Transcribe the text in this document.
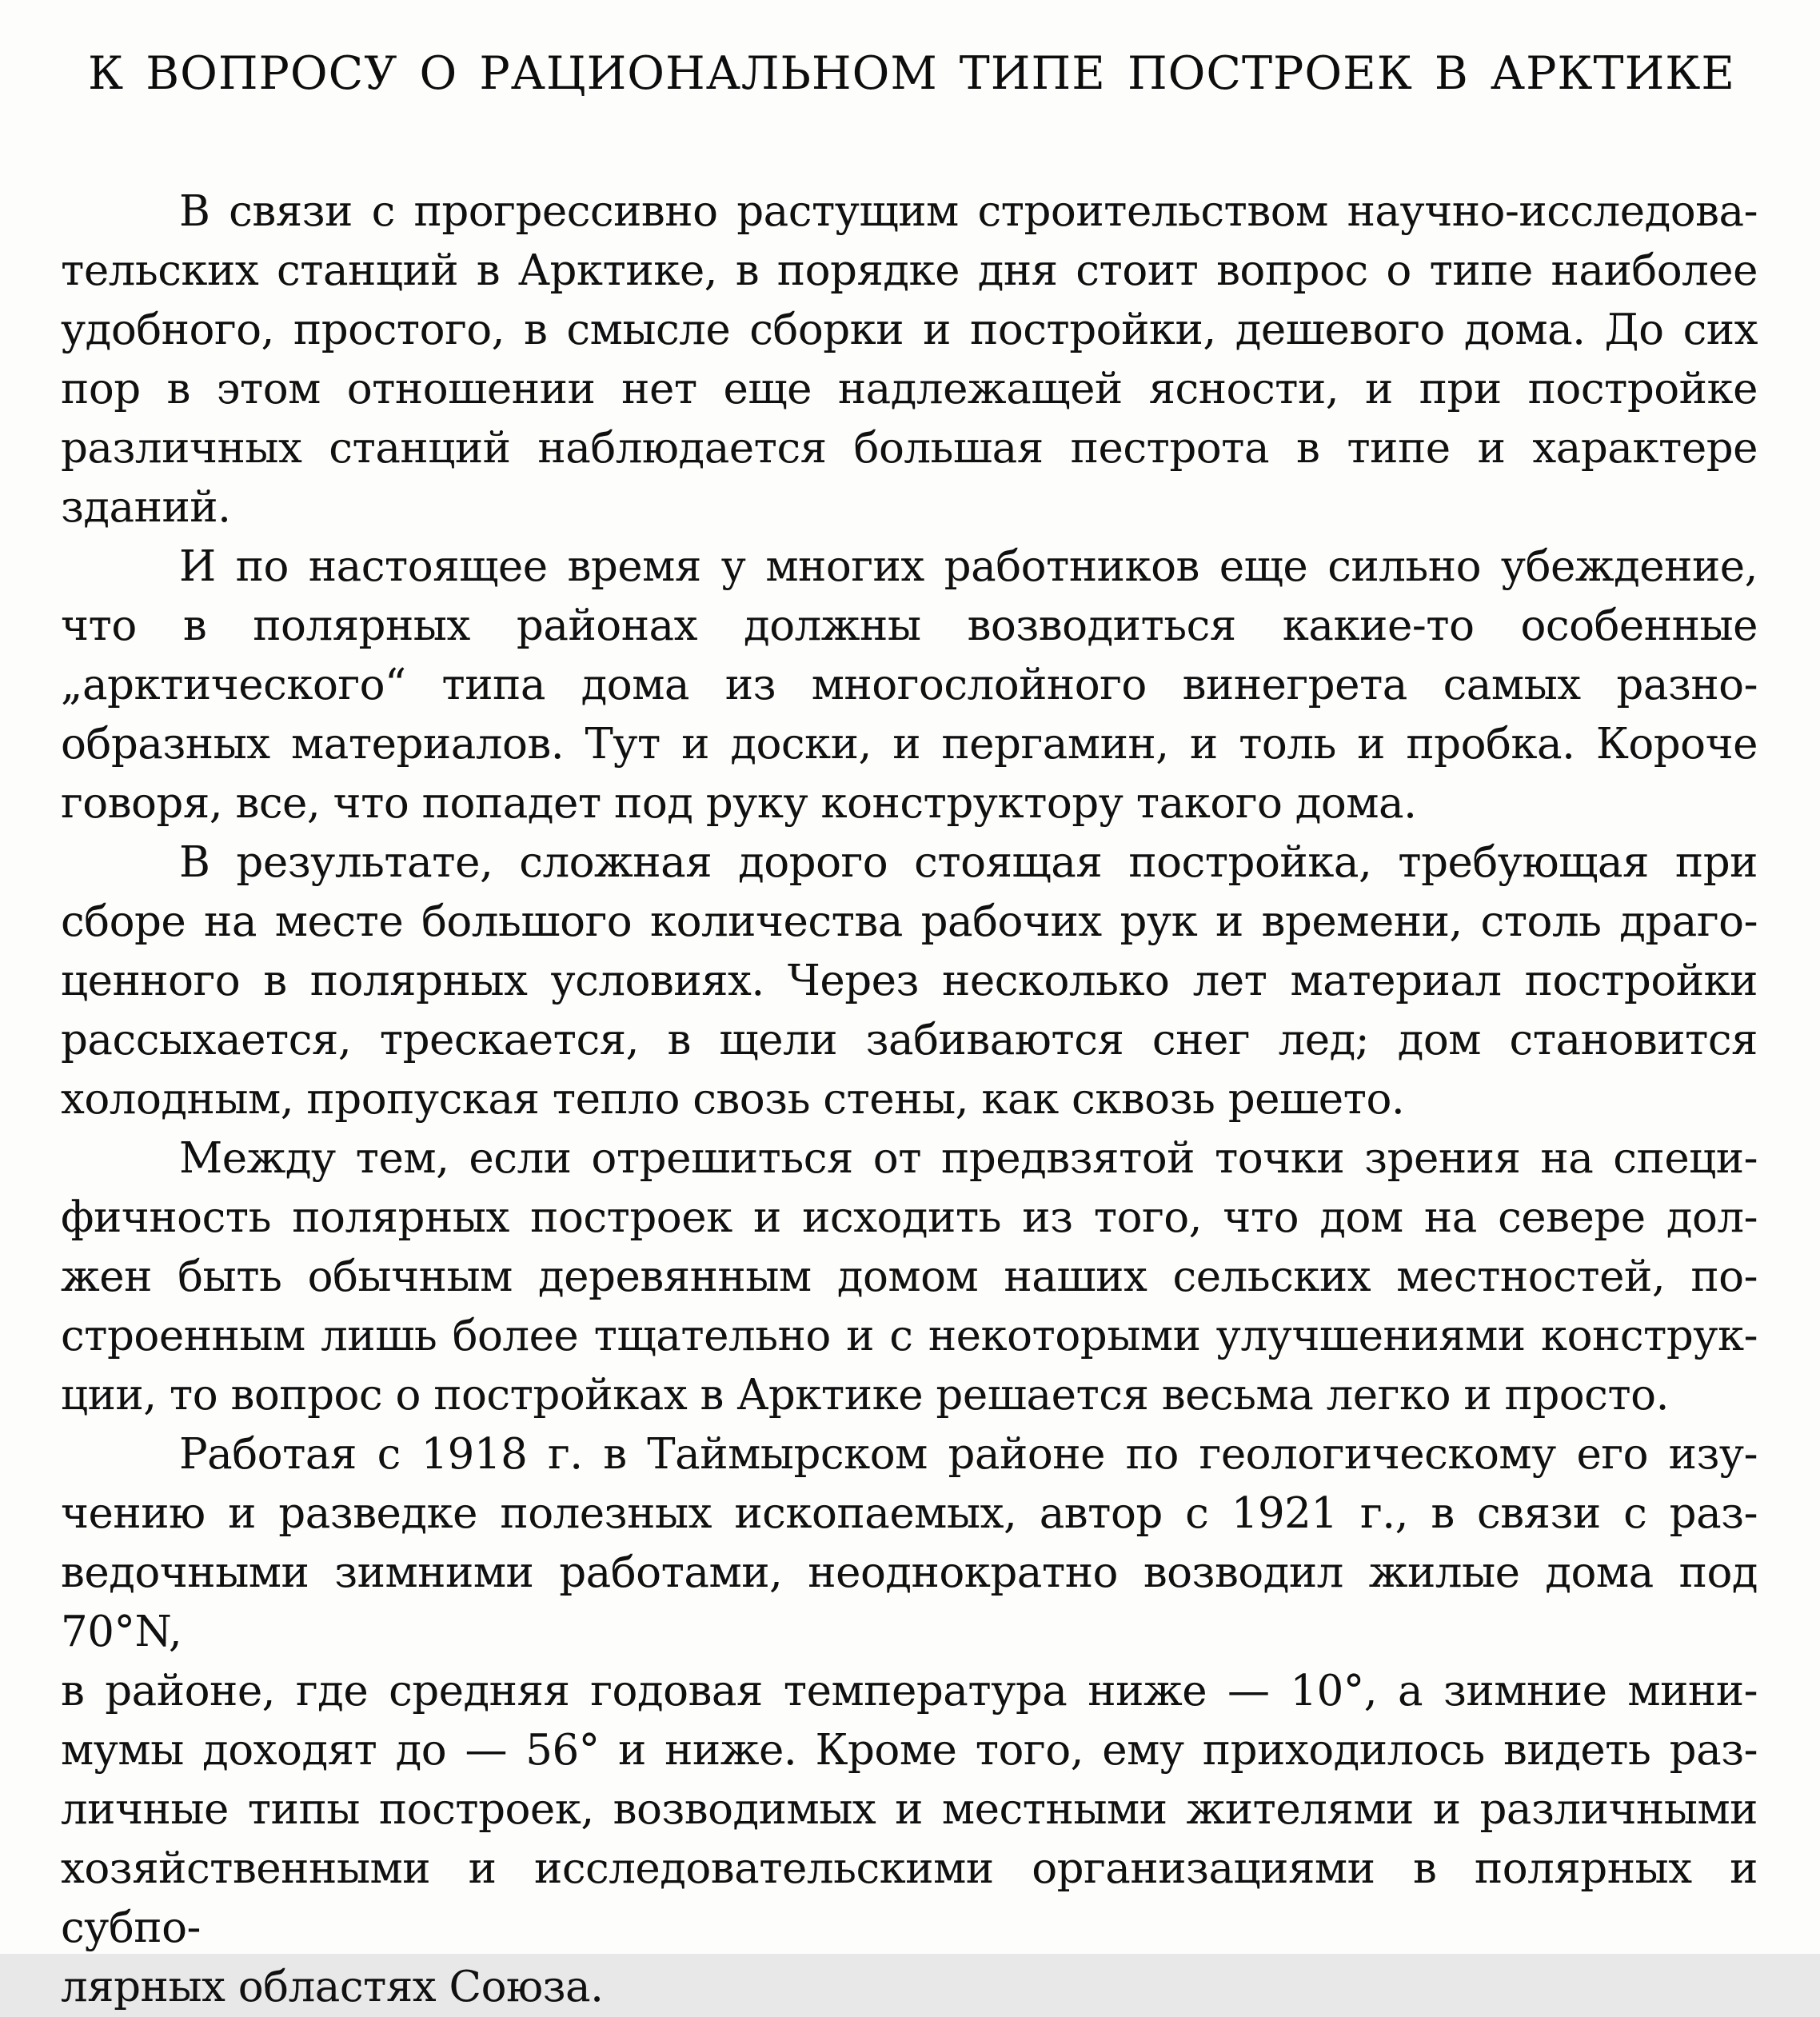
К ВОПРОСУ О РАЦИОНАЛЬНОМ ТИПЕ ПОСТРОЕК В АРКТИКЕ
В связи с прогрессивно растущим строительством научно-исследова-
тельских станций в Арктике, в порядке дня стоит вопрос о типе наиболее
удобного, простого, в смысле сборки и постройки, дешевого дома. До сих
пор в этом отношении нет еще надлежащей ясности, и при постройке
различных станций наблюдается большая пестрота в типе и характере
зданий.
И по настоящее время у многих работников еще сильно убеждение,
что в полярных районах должны возводиться какие-то особенные
„арктического“ типа дома из многослойного винегрета самых разно-
образных материалов. Тут и доски, и пергамин, и толь и пробка. Короче
говоря, все, что попадет под руку конструктору такого дома.
В результате, сложная дорого стоящая постройка, требующая при
сборе на месте большого количества рабочих рук и времени, столь драго-
ценного в полярных условиях. Через несколько лет материал постройки
рассыхается, трескается, в щели забиваются снег лед; дом становится
холодным, пропуская тепло свозь стены, как сквозь решето.
Между тем, если отрешиться от предвзятой точки зрения на специ-
фичность полярных построек и исходить из того, что дом на севере дол-
жен быть обычным деревянным домом наших сельских местностей, по-
строенным лишь более тщательно и с некоторыми улучшениями конструк-
ции, то вопрос о постройках в Арктике решается весьма легко и просто.
Работая с 1918 г. в Таймырском районе по геологическому его изу-
чению и разведке полезных ископаемых, автор с 1921 г., в связи с раз-
ведочными зимними работами, неоднократно возводил жилые дома под 70°N,
в районе, где средняя годовая температура ниже — 10°, а зимние мини-
мумы доходят до — 56° и ниже. Кроме того, ему приходилось видеть раз-
личные типы построек, возводимых и местными жителями и различными
хозяйственными и исследовательскими организациями в полярных и субпо-
лярных областях Союза.
